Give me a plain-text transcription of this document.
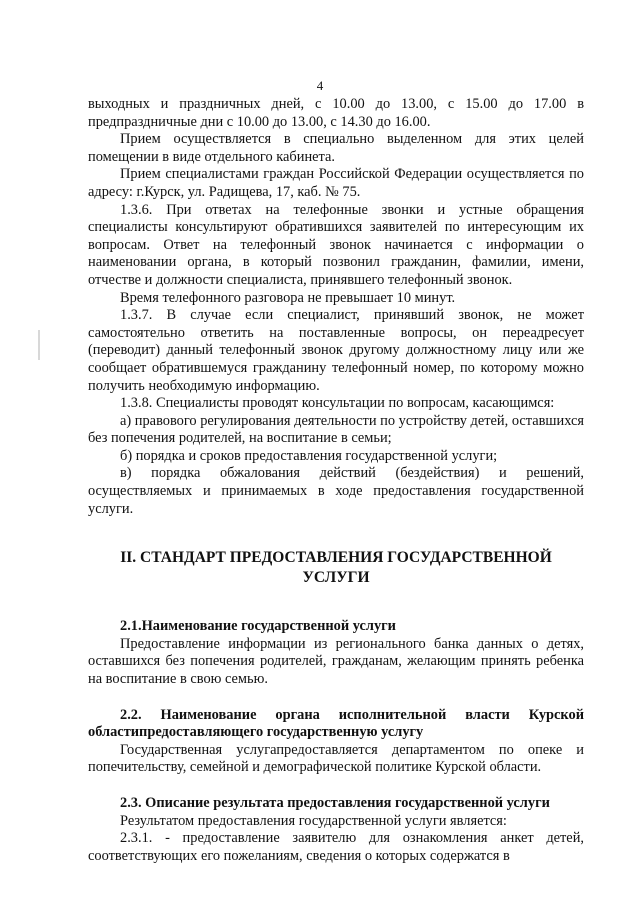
4

выходных и праздничных дней, с 10.00 до 13.00, с 15.00 до 17.00 в предпраздничные дни с 10.00 до 13.00, с 14.30 до 16.00.

Прием осуществляется в специально выделенном для этих целей помещении в виде отдельного кабинета.

Прием специалистами граждан Российской Федерации осуществляется по адресу: г.Курск, ул. Радищева, 17, каб. № 75.

1.3.6. При ответах на телефонные звонки и устные обращения специалисты консультируют обратившихся заявителей по интересующим их вопросам. Ответ на телефонный звонок начинается с информации о наименовании органа, в который позвонил гражданин, фамилии, имени, отчестве и должности специалиста, принявшего телефонный звонок.

Время телефонного разговора не превышает 10 минут.

1.3.7. В случае если специалист, принявший звонок, не может самостоятельно ответить на поставленные вопросы, он переадресует (переводит) данный телефонный звонок другому должностному лицу или же сообщает обратившемуся гражданину телефонный номер, по которому можно получить необходимую информацию.

1.3.8. Специалисты проводят консультации по вопросам, касающимся:

а) правового регулирования деятельности по устройству детей, оставшихся без попечения родителей, на воспитание в семьи;

б) порядка и сроков предоставления государственной услуги;

в) порядка обжалования действий (бездействия) и решений, осуществляемых и принимаемых в ходе предоставления государственной услуги.

II. СТАНДАРТ ПРЕДОСТАВЛЕНИЯ ГОСУДАРСТВЕННОЙ УСЛУГИ

2.1.Наименование государственной услуги

Предоставление информации из регионального банка данных о детях, оставшихся без попечения родителей, гражданам, желающим принять ребенка на воспитание в свою семью.

2.2. Наименование органа исполнительной власти Курской областипредоставляющего государственную услугу

Государственная услугапредоставляется департаментом по опеке и попечительству, семейной и демографической политике Курской области.

2.3. Описание результата предоставления государственной услуги

Результатом предоставления государственной услуги является:

2.3.1. - предоставление заявителю для ознакомления анкет детей, соответствующих его пожеланиям, сведения о которых содержатся в
